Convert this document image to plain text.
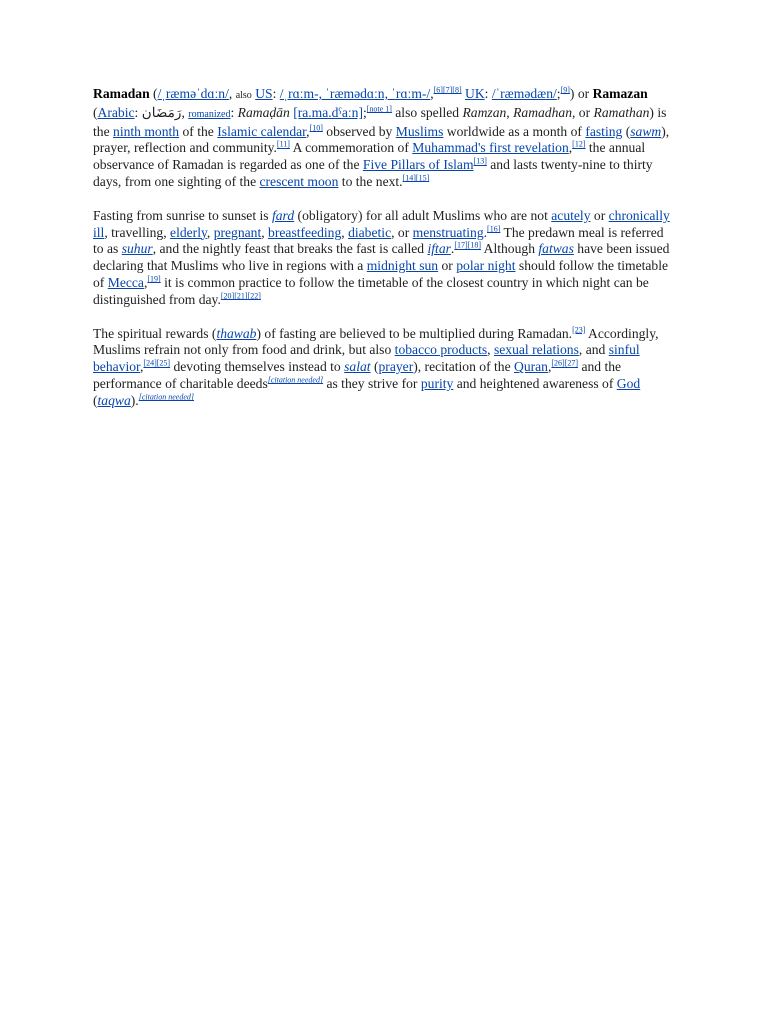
Ramadan (/ˌræməˈdɑːn/, also US: /ˌrɑːm-, ˈræmədɑːn, ˈrɑːm-/,[6][7][8] UK: /ˈræmədæn/;[9]) or Ramazan (Arabic: رَمَضَان, romanized: Ramaḍān [ra.ma.dˤaːn];[note 1] also spelled Ramzan, Ramadhan, or Ramathan) is the ninth month of the Islamic calendar,[10] observed by Muslims worldwide as a month of fasting (sawm), prayer, reflection and community.[11] A commemoration of Muhammad's first revelation,[12] the annual observance of Ramadan is regarded as one of the Five Pillars of Islam[13] and lasts twenty-nine to thirty days, from one sighting of the crescent moon to the next.[14][15]

Fasting from sunrise to sunset is fard (obligatory) for all adult Muslims who are not acutely or chronically ill, travelling, elderly, pregnant, breastfeeding, diabetic, or menstruating.[16] The predawn meal is referred to as suhur, and the nightly feast that breaks the fast is called iftar.[17][18] Although fatwas have been issued declaring that Muslims who live in regions with a midnight sun or polar night should follow the timetable of Mecca,[19] it is common practice to follow the timetable of the closest country in which night can be distinguished from day.[20][21][22]

The spiritual rewards (thawab) of fasting are believed to be multiplied during Ramadan.[23] Accordingly, Muslims refrain not only from food and drink, but also tobacco products, sexual relations, and sinful behavior,[24][25] devoting themselves instead to salat (prayer), recitation of the Quran,[26][27] and the performance of charitable deeds[citation needed] as they strive for purity and heightened awareness of God (taqwa).[citation needed]
